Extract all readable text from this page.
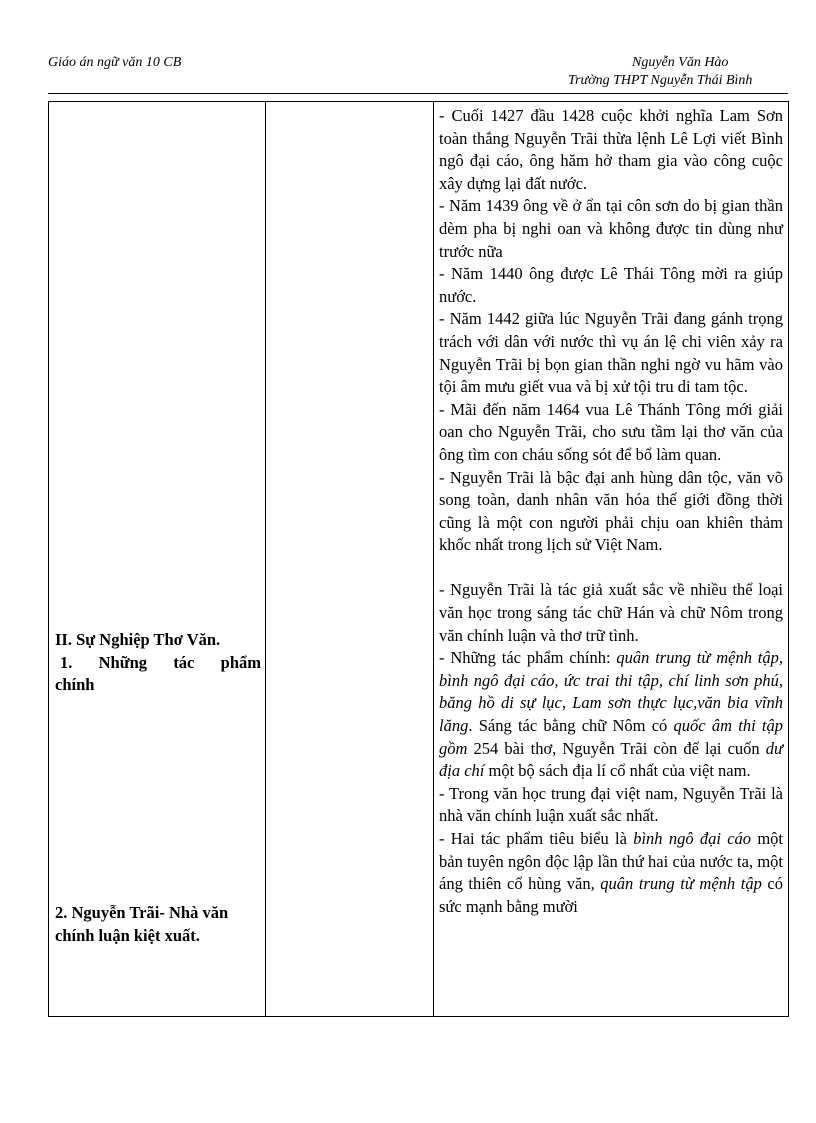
Giáo án ngữ văn 10 CB	Nguyễn Văn Hào
Trường THPT Nguyễn Thái Bình
II. Sự Nghiệp Thơ Văn.
1. Những tác phẩm
chính
2. Nguyễn Trãi- Nhà văn
chính luận kiệt xuất.

- Cuối 1427 đầu 1428 cuộc khởi nghĩa Lam Sơn toàn thắng Nguyễn Trãi thừa lệnh Lê Lợi viết Bình ngô đại cáo, ông hăm hở tham gia vào công cuộc xây dựng lại đất nước.

- Năm 1439 ông về ở ẩn tại côn sơn do bị gian thần dèm pha bị nghi oan và không được tin dùng như trước nữa

- Năm 1440 ông được Lê Thái Tông mời ra giúp nước.

- Năm 1442 giữa lúc Nguyễn Trãi đang gánh trọng trách với dân với nước thì vụ án lệ chi viên xảy ra Nguyễn Trãi bị bọn gian thần nghi ngờ vu hãm vào tội âm mưu giết vua và bị xử tội tru di tam tộc.

- Mãi đến năm 1464 vua Lê Thánh Tông mới giải oan cho Nguyễn Trãi, cho sưu tầm lại thơ văn của ông tìm con cháu sống sót để bổ làm quan.

- Nguyễn Trãi là bậc đại anh hùng dân tộc, văn võ song toàn, danh nhân văn hóa thế giới đồng thời cũng là một con người phải chịu oan khiên thảm khốc nhất trong lịch sử Việt Nam.

- Nguyễn Trãi là tác giả xuất sắc về nhiều thể loại văn học trong sáng tác chữ Hán và chữ Nôm trong văn chính luận và thơ trữ tình.

- Những tác phẩm chính: quân trung từ mệnh tập, bình ngô đại cáo, ức trai thi tập, chí linh sơn phú, băng hồ di sự lục, Lam sơn thực lục,văn bia vĩnh lăng. Sáng tác bằng chữ Nôm có quốc âm thi tập gồm 254 bài thơ, Nguyễn Trãi còn để lại cuốn dư địa chí một bộ sách địa lí cổ nhất của việt nam.

- Trong văn học trung đại việt nam, Nguyễn Trãi là nhà văn chính luận xuất sắc nhất.

- Hai tác phẩm tiêu biểu là bình ngô đại cáo một bản tuyên ngôn độc lập lần thứ hai của nước ta, một áng thiên cổ hùng văn, quân trung từ mệnh tập có sức mạnh bằng mười
